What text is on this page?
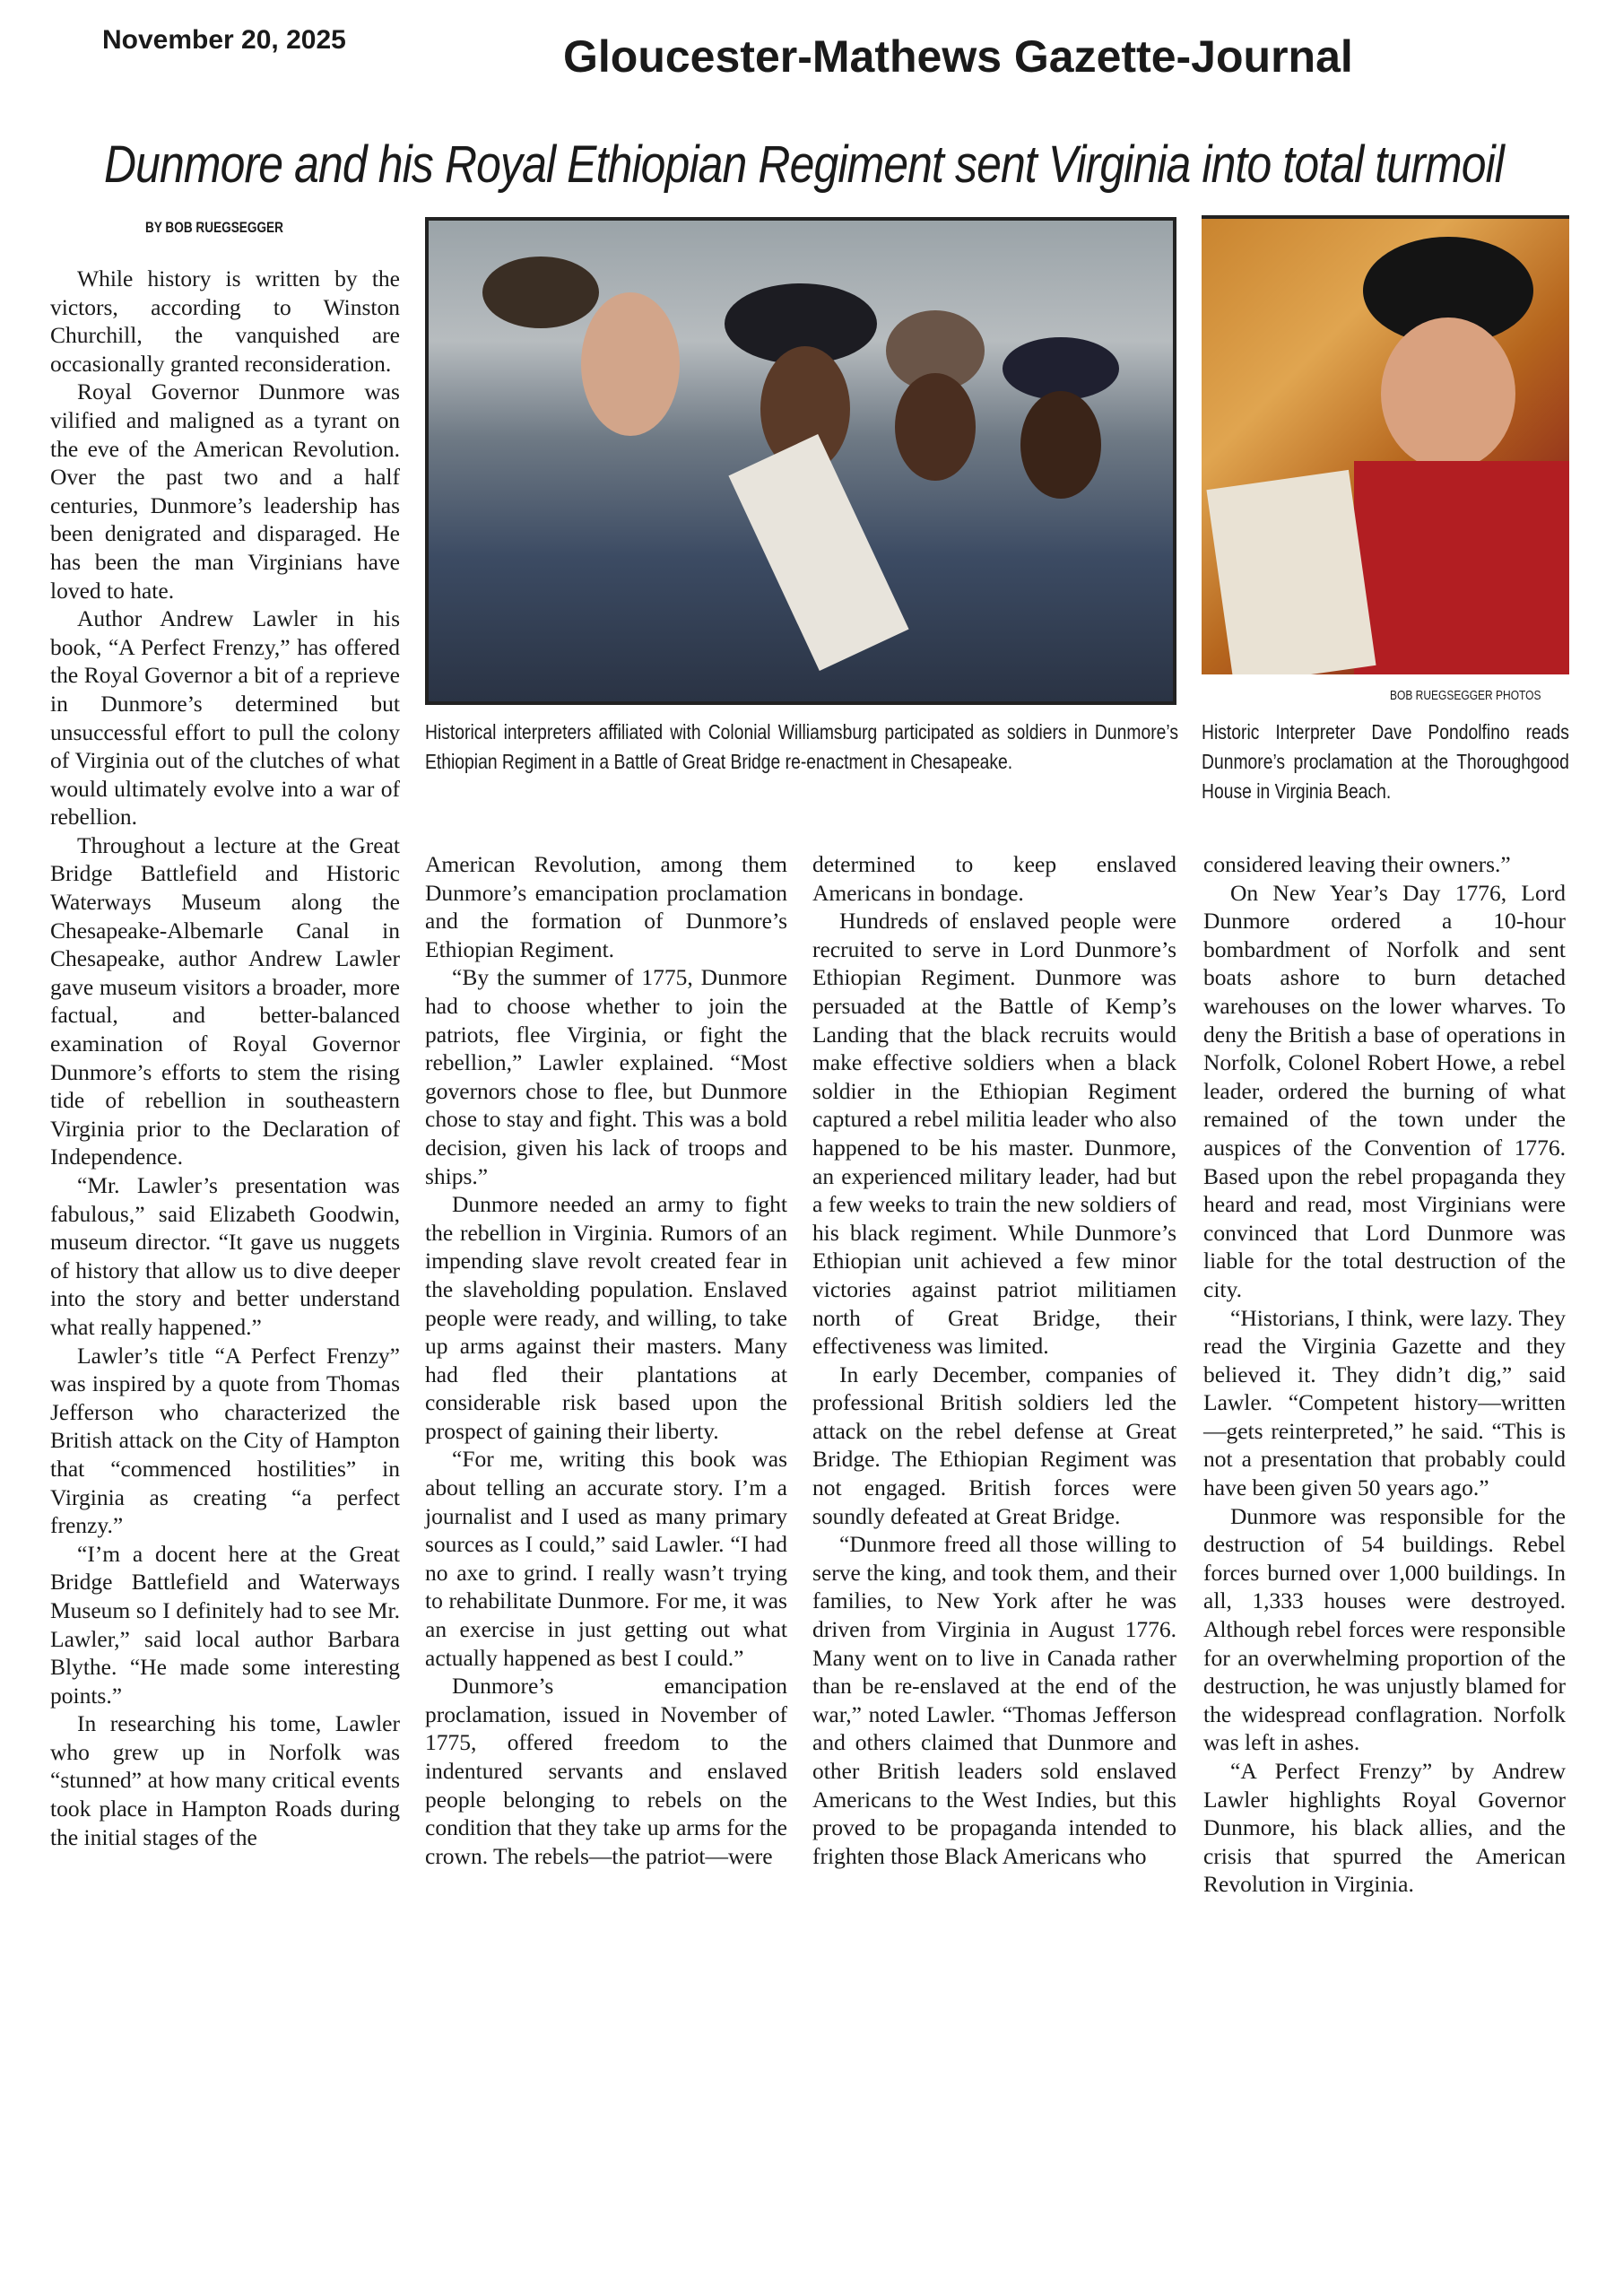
November 20, 2025	Gloucester-Mathews Gazette-Journal
Dunmore and his Royal Ethiopian Regiment sent Virginia into total turmoil
BY BOB RUEGSEGGER
BOB RUEGSEGGER PHOTOS
Historical interpreters affiliated with Colonial Williamsburg participated as soldiers in Dunmore’s Ethiopian Regiment in a Battle of Great Bridge re-enactment in Chesapeake.
Historic Interpreter Dave Pondolfino reads Dunmore’s proclamation at the Thoroughgood House in Virginia Beach.

While history is written by the victors, according to Winston Churchill, the vanquished are occasionally granted reconsideration.

Royal Governor Dunmore was vilified and maligned as a tyrant on the eve of the American Revolution. Over the past two and a half centuries, Dunmore’s leadership has been denigrated and disparaged. He has been the man Virginians have loved to hate.

Author Andrew Lawler in his book, “A Perfect Frenzy,” has offered the Royal Governor a bit of a reprieve in Dunmore’s determined but unsuccessful effort to pull the colony of Virginia out of the clutches of what would ultimately evolve into a war of rebellion.

Throughout a lecture at the Great Bridge Battlefield and Historic Waterways Museum along the Chesapeake-Albemarle Canal in Chesapeake, author Andrew Lawler gave museum visitors a broader, more factual, and better-balanced examination of Royal Governor Dunmore’s efforts to stem the rising tide of rebellion in southeastern Virginia prior to the Declaration of Independence.

“Mr. Lawler’s presentation was fabulous,” said Elizabeth Goodwin, museum director. “It gave us nuggets of history that allow us to dive deeper into the story and better understand what really happened.”

Lawler’s title “A Perfect Frenzy” was inspired by a quote from Thomas Jefferson who characterized the British attack on the City of Hampton that “commenced hostilities” in Virginia as creating “a perfect frenzy.”

“I’m a docent here at the Great Bridge Battlefield and Waterways Museum so I definitely had to see Mr. Lawler,” said local author Barbara Blythe. “He made some interesting points.”

In researching his tome, Lawler who grew up in Norfolk was “stunned” at how many critical events took place in Hampton Roads during the initial stages of the

American Revolution, among them Dunmore’s emancipation proclamation and the formation of Dunmore’s Ethiopian Regiment.

“By the summer of 1775, Dunmore had to choose whether to join the patriots, flee Virginia, or fight the rebellion,” Lawler explained. “Most governors chose to flee, but Dunmore chose to stay and fight. This was a bold decision, given his lack of troops and ships.”

Dunmore needed an army to fight the rebellion in Virginia. Rumors of an impending slave revolt created fear in the slaveholding population. Enslaved people were ready, and willing, to take up arms against their masters. Many had fled their plantations at considerable risk based upon the prospect of gaining their liberty.

“For me, writing this book was about telling an accurate story. I’m a journalist and I used as many primary sources as I could,” said Lawler. “I had no axe to grind. I really wasn’t trying to rehabilitate Dunmore. For me, it was an exercise in just getting out what actually happened as best I could.”

Dunmore’s emancipation proclamation, issued in November of 1775, offered freedom to the indentured servants and enslaved people belonging to rebels on the condition that they take up arms for the crown. The rebels—the patriot—were

determined to keep enslaved Americans in bondage.

Hundreds of enslaved people were recruited to serve in Lord Dunmore’s Ethiopian Regiment. Dunmore was persuaded at the Battle of Kemp’s Landing that the black recruits would make effective soldiers when a black soldier in the Ethiopian Regiment captured a rebel militia leader who also happened to be his master. Dunmore, an experienced military leader, had but a few weeks to train the new soldiers of his black regiment. While Dunmore’s Ethiopian unit achieved a few minor victories against patriot militiamen north of Great Bridge, their effectiveness was limited.

In early December, companies of professional British soldiers led the attack on the rebel defense at Great Bridge. The Ethiopian Regiment was not engaged. British forces were soundly defeated at Great Bridge.

“Dunmore freed all those willing to serve the king, and took them, and their families, to New York after he was driven from Virginia in August 1776. Many went on to live in Canada rather than be re-enslaved at the end of the war,” noted Lawler. “Thomas Jefferson and others claimed that Dunmore and other British leaders sold enslaved Americans to the West Indies, but this proved to be propaganda intended to frighten those Black Americans who

considered leaving their owners.”

On New Year’s Day 1776, Lord Dunmore ordered a 10-hour bombardment of Norfolk and sent boats ashore to burn detached warehouses on the lower wharves. To deny the British a base of operations in Norfolk, Colonel Robert Howe, a rebel leader, ordered the burning of what remained of the town under the auspices of the Convention of 1776. Based upon the rebel propaganda they heard and read, most Virginians were convinced that Lord Dunmore was liable for the total destruction of the city.

“Historians, I think, were lazy. They read the Virginia Gazette and they believed it. They didn’t dig,” said Lawler. “Competent history—written—gets reinterpreted,” he said. “This is not a presentation that probably could have been given 50 years ago.”

Dunmore was responsible for the destruction of 54 buildings. Rebel forces burned over 1,000 buildings. In all, 1,333 houses were destroyed. Although rebel forces were responsible for an overwhelming proportion of the destruction, he was unjustly blamed for the widespread conflagration. Norfolk was left in ashes.

“A Perfect Frenzy” by Andrew Lawler highlights Royal Governor Dunmore, his black allies, and the crisis that spurred the American Revolution in Virginia.
